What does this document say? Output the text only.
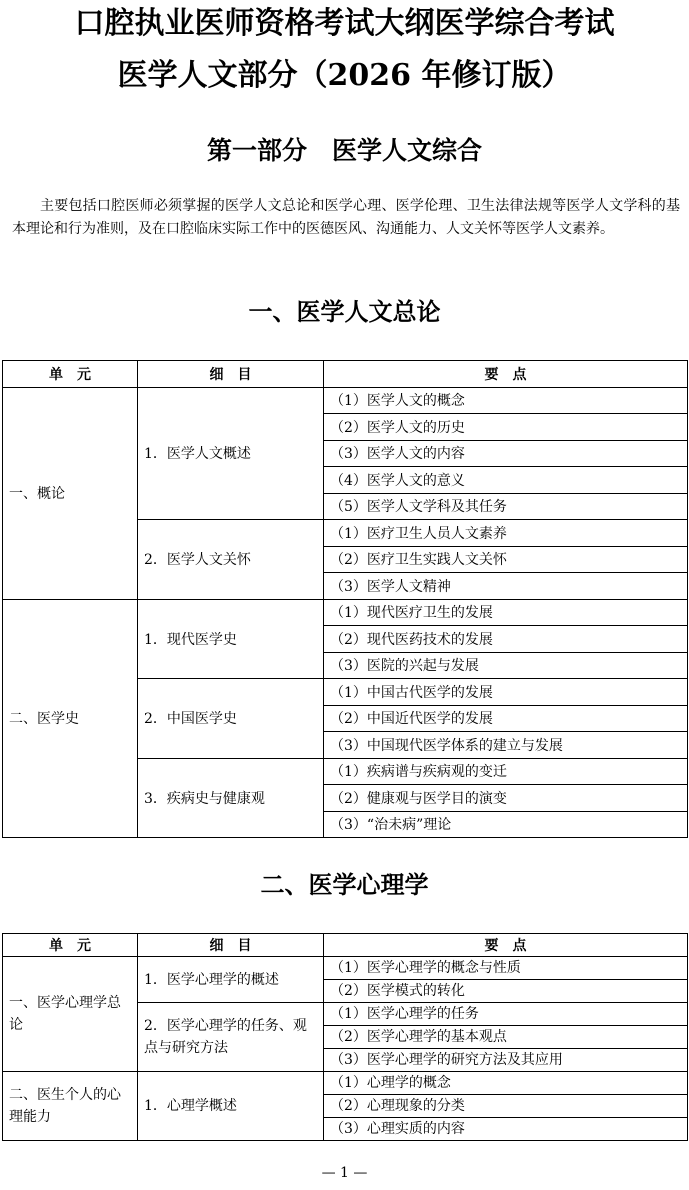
口腔执业医师资格考试大纲医学综合考试
医学人文部分（2026 年修订版）
第一部分　医学人文综合

主要包括口腔医师必须掌握的医学人文总论和医学心理、医学伦理、卫生法律法规等医学人文学科的基本理论和行为准则，及在口腔临床实际工作中的医德医风、沟通能力、人文关怀等医学人文素养。

一、医学人文总论
单　元	细　目	要　点
一、概论	1．医学人文概述	（1）医学人文的概念
		（2）医学人文的历史
		（3）医学人文的内容
		（4）医学人文的意义
		（5）医学人文学科及其任务
	2．医学人文关怀	（1）医疗卫生人员人文素养
		（2）医疗卫生实践人文关怀
		（3）医学人文精神
二、医学史	1．现代医学史	（1）现代医疗卫生的发展
		（2）现代医药技术的发展
		（3）医院的兴起与发展
	2．中国医学史	（1）中国古代医学的发展
		（2）中国近代医学的发展
		（3）中国现代医学体系的建立与发展
	3．疾病史与健康观	（1）疾病谱与疾病观的变迁
		（2）健康观与医学目的演变
		（3）“治未病”理论
二、医学心理学
单　元	细　目	要　点
一、医学心理学总论	1．医学心理学的概述	（1）医学心理学的概念与性质
		（2）医学模式的转化
	2．医学心理学的任务、观点与研究方法	（1）医学心理学的任务
		（2）医学心理学的基本观点
		（3）医学心理学的研究方法及其应用
二、医生个人的心理能力	1．心理学概述	（1）心理学的概念
		（2）心理现象的分类
		（3）心理实质的内容

— 1 —
